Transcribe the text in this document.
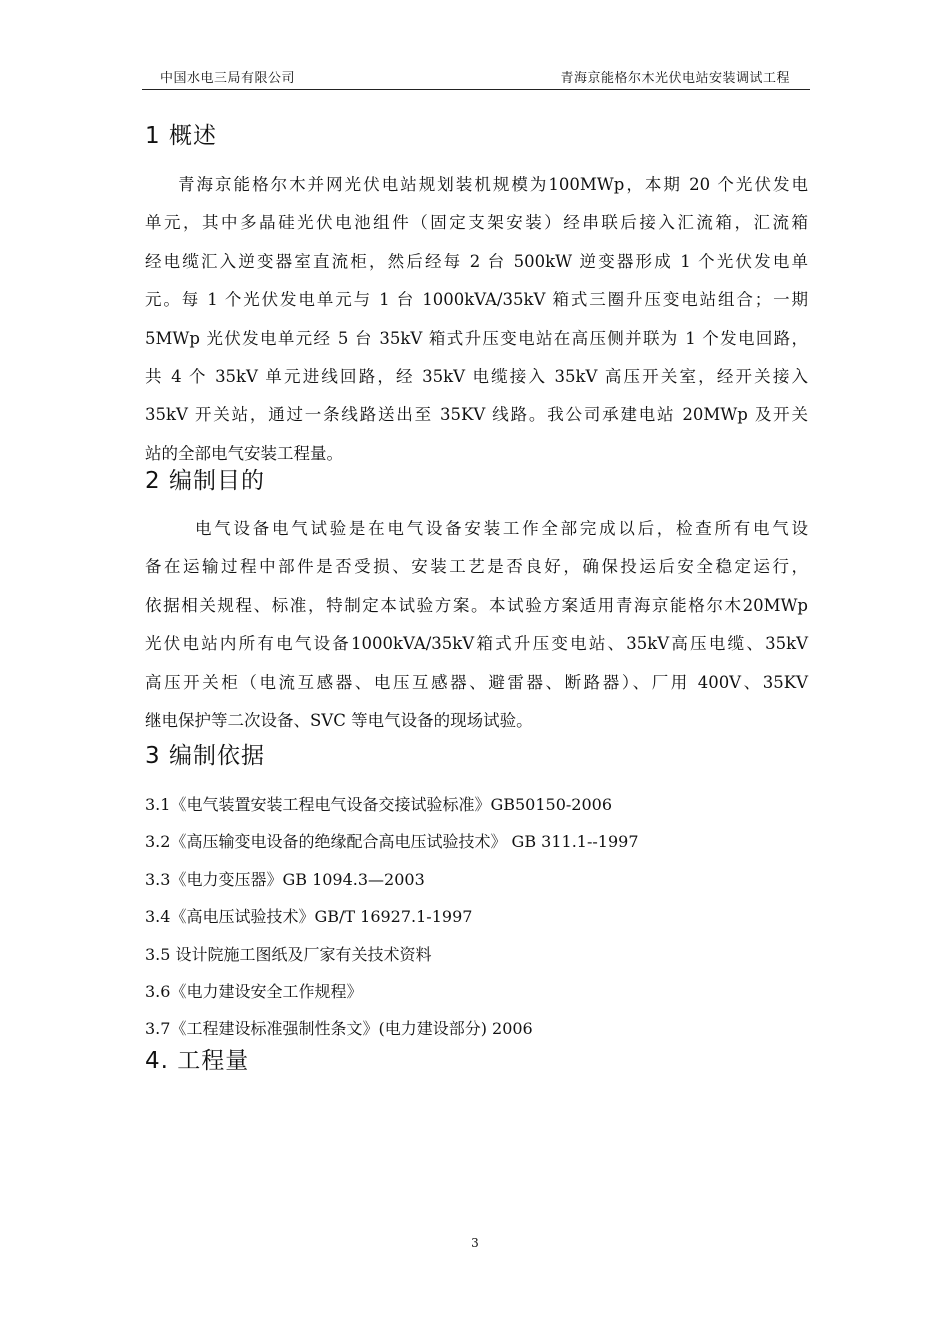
中国水电三局有限公司	青海京能格尔木光伏电站安装调试工程
1 概述
青海京能格尔木并网光伏电站规划装机规模为100MWp，本期 20 个光伏发电
单元，其中多晶硅光伏电池组件（固定支架安装）经串联后接入汇流箱，汇流箱
经电缆汇入逆变器室直流柜，然后经每 2 台 500kW 逆变器形成 1 个光伏发电单
元。每 1 个光伏发电单元与 1 台 1000kVA/35kV 箱式三圈升压变电站组合；一期
5MWp 光伏发电单元经 5 台 35kV 箱式升压变电站在高压侧并联为 1 个发电回路，
共 4 个 35kV 单元进线回路，经 35kV 电缆接入 35kV 高压开关室，经开关接入
35kV 开关站，通过一条线路送出至 35KV 线路。我公司承建电站 20MWp 及开关
站的全部电气安装工程量。
2 编制目的
电气设备电气试验是在电气设备安装工作全部完成以后，检查所有电气设
备在运输过程中部件是否受损、安装工艺是否良好，确保投运后安全稳定运行，
依据相关规程、标准，特制定本试验方案。本试验方案适用青海京能格尔木20MWp
光伏电站内所有电气设备1000kVA/35kV箱式升压变电站、35kV高压电缆、35kV
高压开关柜（电流互感器、电压互感器、避雷器、断路器）、厂用 400V、35KV
继电保护等二次设备、SVC 等电气设备的现场试验。
3 编制依据
3.1《电气装置安装工程电气设备交接试验标准》GB50150-2006
3.2《高压输变电设备的绝缘配合高电压试验技术》 GB 311.1--1997
3.3《电力变压器》GB 1094.3—2003
3.4《高电压试验技术》GB/T 16927.1-1997
3.5 设计院施工图纸及厂家有关技术资料
3.6《电力建设安全工作规程》
3.7《工程建设标准强制性条文》(电力建设部分) 2006
4. 工程量
3
